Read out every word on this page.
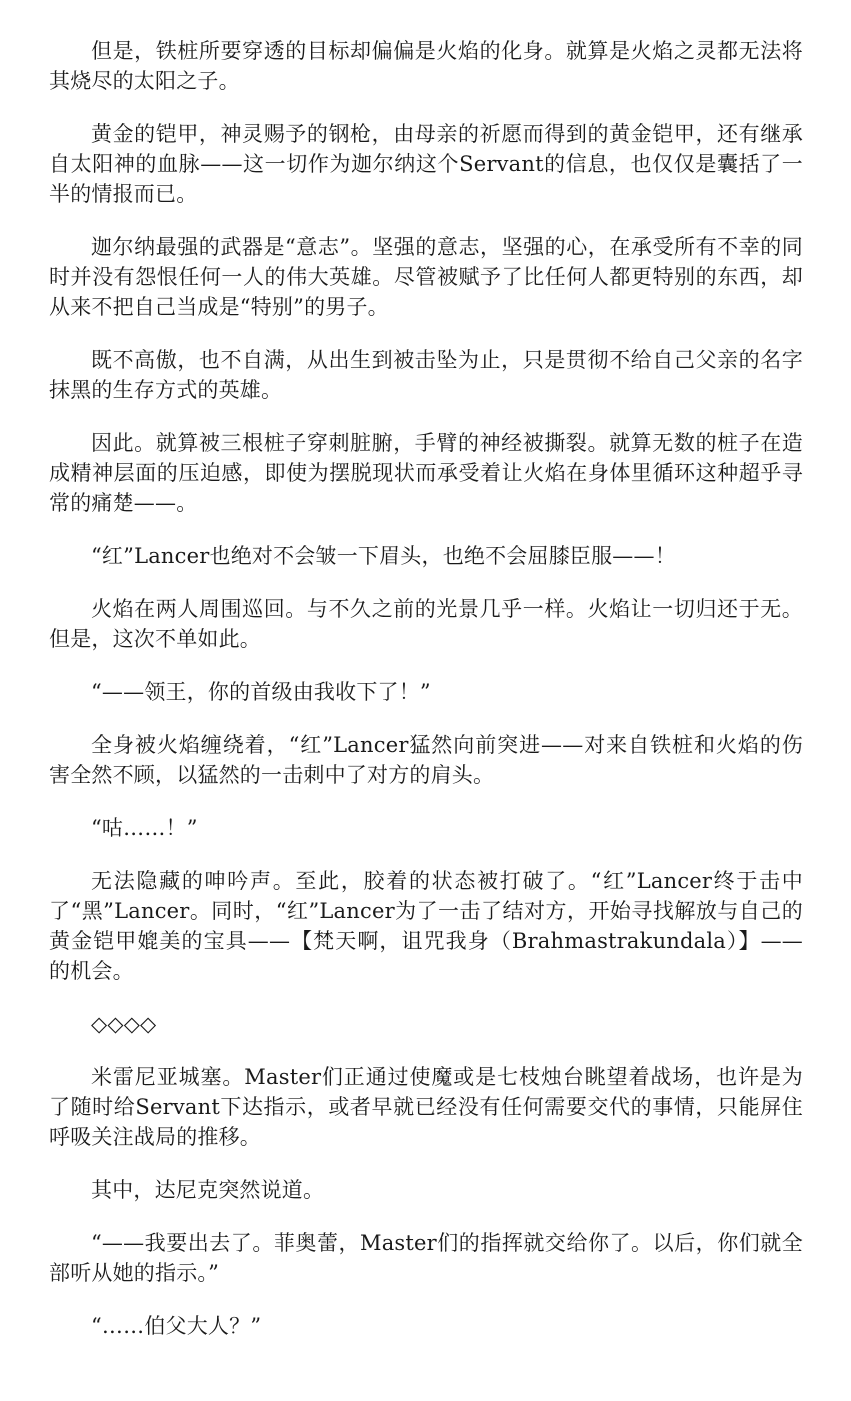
但是，铁桩所要穿透的目标却偏偏是火焰的化身。就算是火焰之灵都无法将其烧尽的太阳之子。

黄金的铠甲，神灵赐予的钢枪，由母亲的祈愿而得到的黄金铠甲，还有继承自太阳神的血脉——这一切作为迦尔纳这个Servant的信息，也仅仅是囊括了一半的情报而已。

迦尔纳最强的武器是“意志”。坚强的意志，坚强的心，在承受所有不幸的同时并没有怨恨任何一人的伟大英雄。尽管被赋予了比任何人都更特别的东西，却从来不把自己当成是“特别”的男子。

既不高傲，也不自满，从出生到被击坠为止，只是贯彻不给自己父亲的名字抹黑的生存方式的英雄。

因此。就算被三根桩子穿刺脏腑，手臂的神经被撕裂。就算无数的桩子在造成精神层面的压迫感，即使为摆脱现状而承受着让火焰在身体里循环这种超乎寻常的痛楚——。

“红”Lancer也绝对不会皱一下眉头，也绝不会屈膝臣服——！

火焰在两人周围巡回。与不久之前的光景几乎一样。火焰让一切归还于无。但是，这次不单如此。

“——领王，你的首级由我收下了！”

全身被火焰缠绕着，“红”Lancer猛然向前突进——对来自铁桩和火焰的伤害全然不顾，以猛然的一击刺中了对方的肩头。

“咕……！”

无法隐藏的呻吟声。至此，胶着的状态被打破了。“红”Lancer终于击中了“黑”Lancer。同时，“红”Lancer为了一击了结对方，开始寻找解放与自己的黄金铠甲媲美的宝具——【梵天啊，诅咒我身（Brahmastrakundala）】——的机会。

◇◇◇◇

米雷尼亚城塞。Master们正通过使魔或是七枝烛台眺望着战场，也许是为了随时给Servant下达指示，或者早就已经没有任何需要交代的事情，只能屏住呼吸关注战局的推移。

其中，达尼克突然说道。

“——我要出去了。菲奥蕾，Master们的指挥就交给你了。以后，你们就全部听从她的指示。”

“……伯父大人？”
